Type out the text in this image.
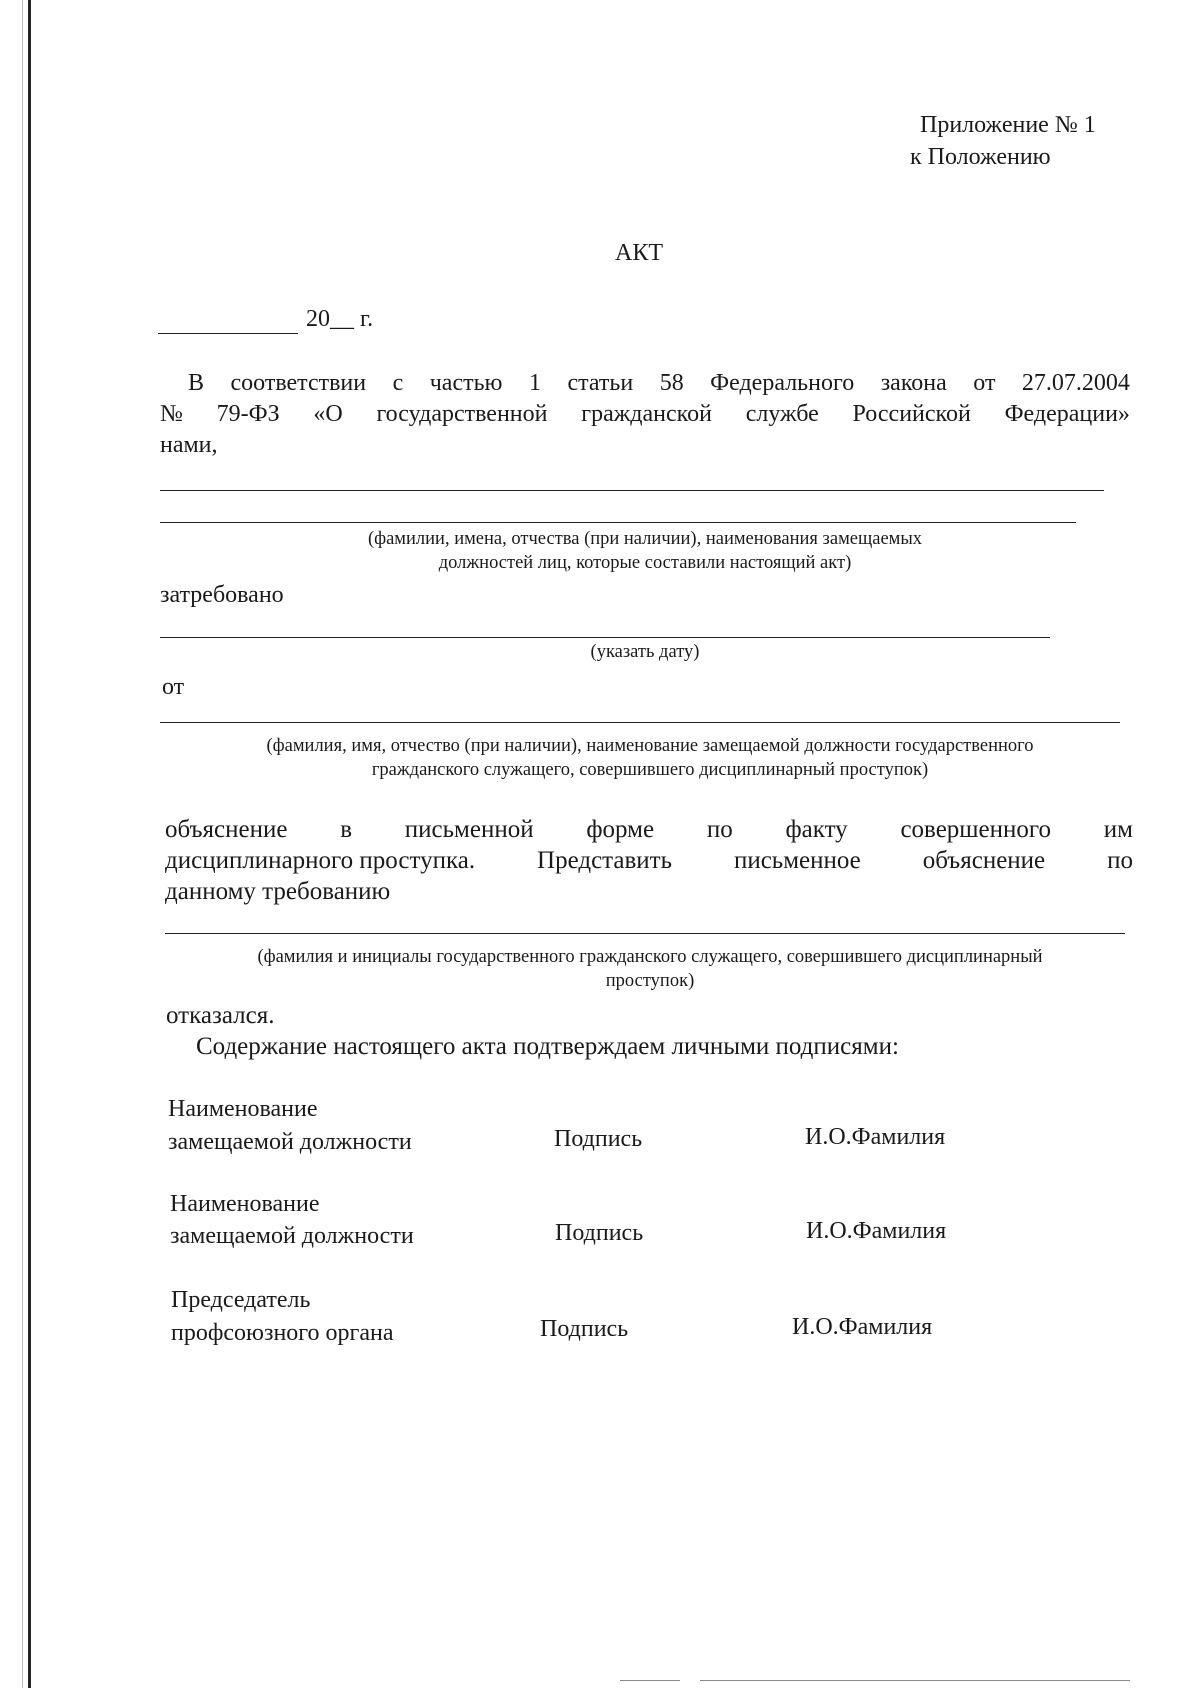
Приложение № 1
к Положению
АКТ
20__ г.
В соответствии с частью 1 статьи 58 Федерального закона от 27.07.2004
№ 79-ФЗ «О государственной гражданской службе Российской Федерации»
нами,
(фамилии, имена, отчества (при наличии), наименования замещаемых
должностей лиц, которые составили настоящий акт)
затребовано
(указать дату)
от
(фамилия, имя, отчество (при наличии), наименование замещаемой должности государственного
гражданского служащего, совершившего дисциплинарный проступок)
объяснение в письменной форме по факту совершенного им
дисциплинарного проступка. Представить письменное объяснение по
данному требованию
(фамилия и инициалы государственного гражданского служащего, совершившего дисциплинарный
проступок)
отказался.
Содержание настоящего акта подтверждаем личными подписями:
Наименование
замещаемой должности	Подпись	И.О.Фамилия
Наименование
замещаемой должности	Подпись	И.О.Фамилия
Председатель
профсоюзного органа	Подпись	И.О.Фамилия
